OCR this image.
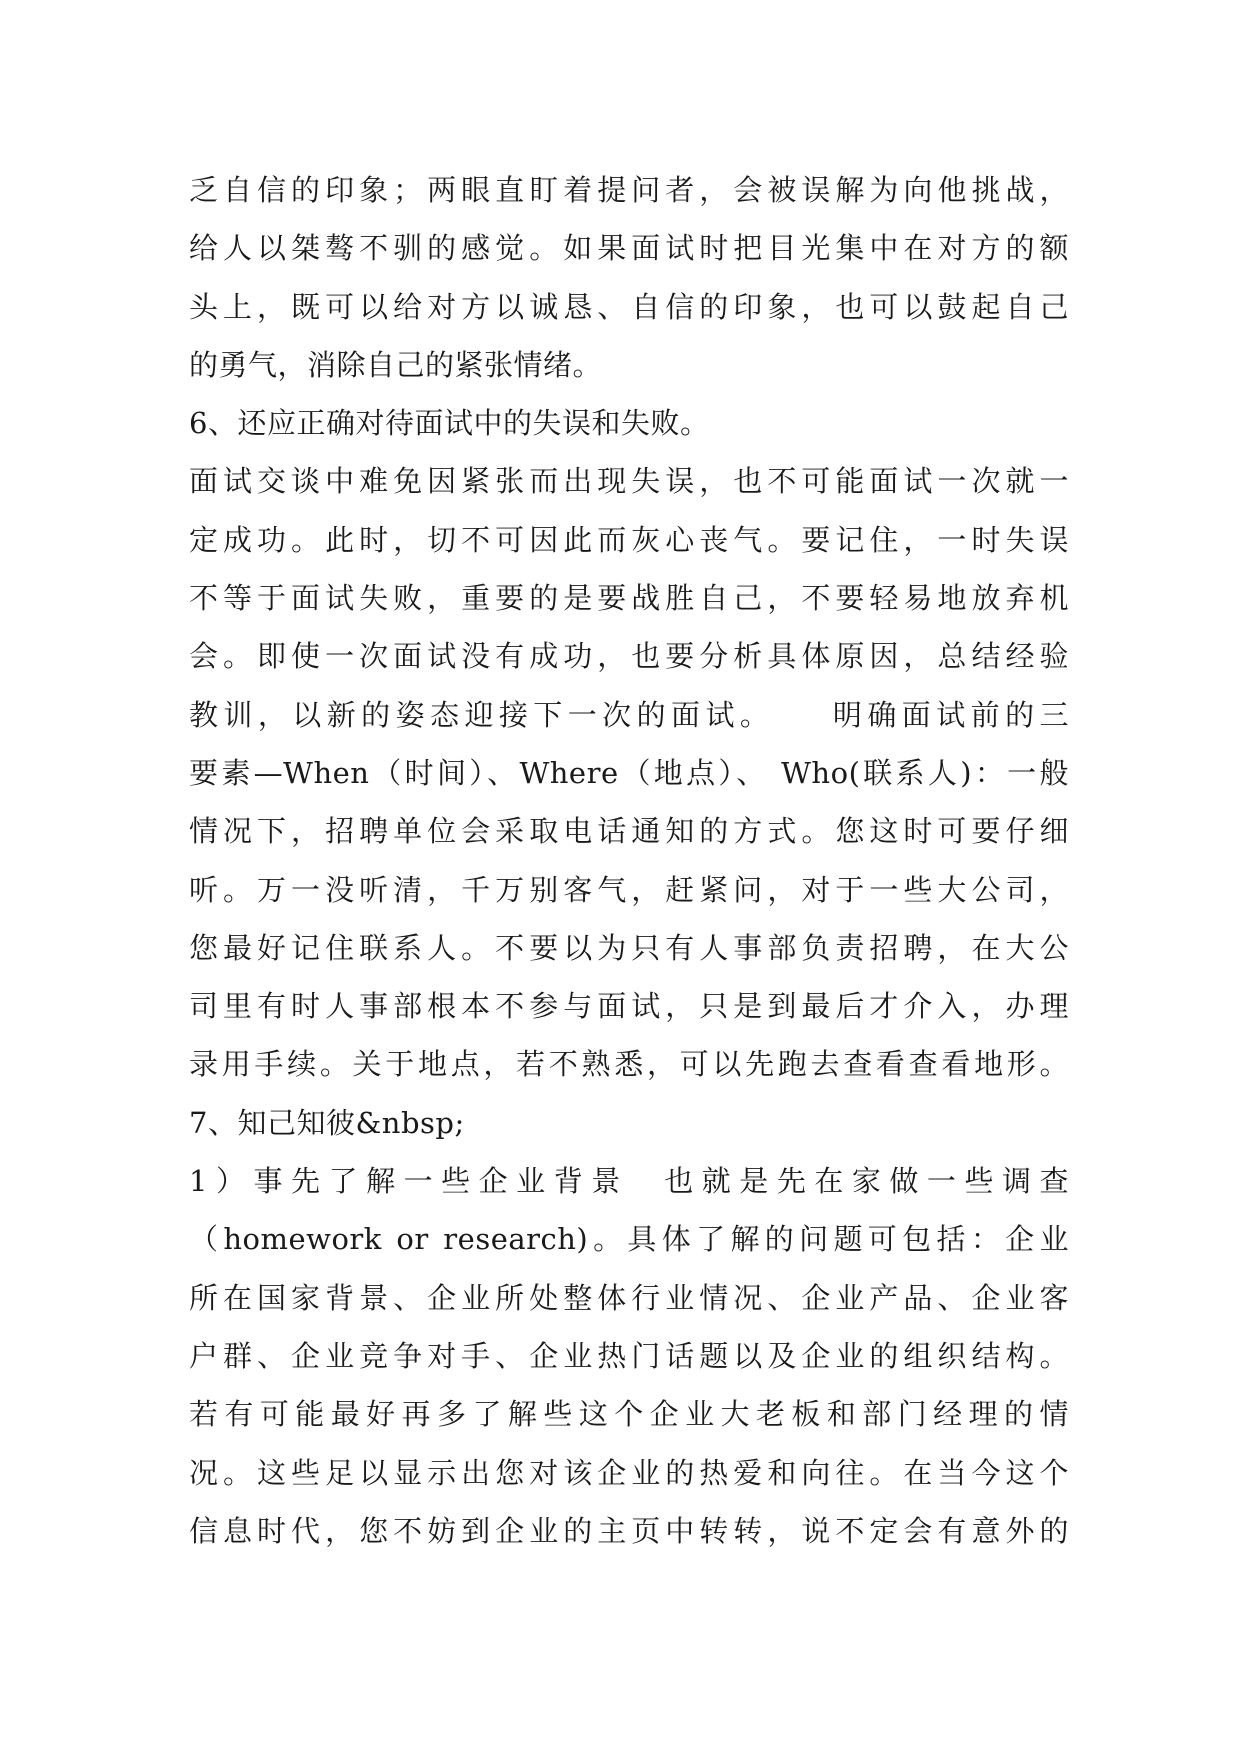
乏自信的印象；两眼直盯着提问者，会被误解为向他挑战，
给人以桀骜不驯的感觉。如果面试时把目光集中在对方的额
头上，既可以给对方以诚恳、自信的印象，也可以鼓起自己
的勇气，消除自己的紧张情绪。
6、还应正确对待面试中的失误和失败。
面试交谈中难免因紧张而出现失误，也不可能面试一次就一
定成功。此时，切不可因此而灰心丧气。要记住，一时失误
不等于面试失败，重要的是要战胜自己，不要轻易地放弃机
会。即使一次面试没有成功，也要分析具体原因，总结经验
教训，以新的姿态迎接下一次的面试。    明确面试前的三
要素—When（时间）、Where（地点）、 Who(联系人)：一般
情况下，招聘单位会采取电话通知的方式。您这时可要仔细
听。万一没听清，千万别客气，赶紧问，对于一些大公司，
您最好记住联系人。不要以为只有人事部负责招聘，在大公
司里有时人事部根本不参与面试，只是到最后才介入，办理
录用手续。关于地点，若不熟悉，可以先跑去查看查看地形。
7、知己知彼&nbsp;
1）事先了解一些企业背景  也就是先在家做一些调查
（homework or research)。具体了解的问题可包括：企业
所在国家背景、企业所处整体行业情况、企业产品、企业客
户群、企业竞争对手、企业热门话题以及企业的组织结构。
若有可能最好再多了解些这个企业大老板和部门经理的情
况。这些足以显示出您对该企业的热爱和向往。在当今这个
信息时代，您不妨到企业的主页中转转，说不定会有意外的
